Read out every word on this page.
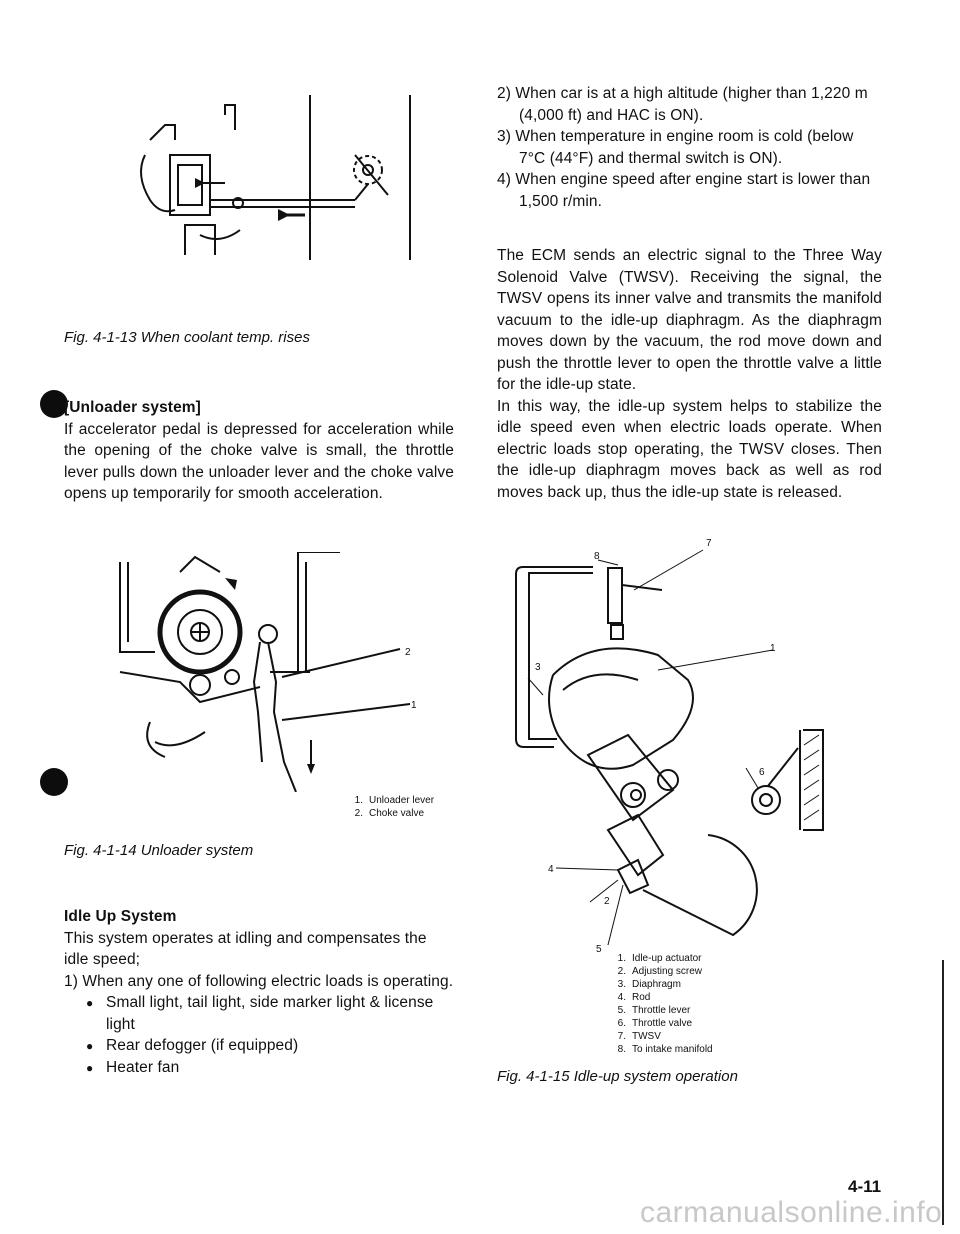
Fig. 4-1-13 When coolant temp. rises
[Unloader system]
If accelerator pedal is depressed for acceleration while the opening of the choke valve is small, the throttle lever pulls down the unloader lever and the choke valve opens up temporarily for smooth acceleration.
2
1
1. Unloader lever
2. Choke valve
Fig. 4-1-14 Unloader system
Idle Up System
This system operates at idling and compensates the idle speed;
1) When any one of following electric loads is operating.
● Small light, tail light, side marker light & license light
● Rear defogger (if equipped)
● Heater fan
2) When car is at a high altitude (higher than 1,220 m (4,000 ft) and HAC is ON).
3) When temperature in engine room is cold (below 7°C (44°F) and thermal switch is ON).
4) When engine speed after engine start is lower than 1,500 r/min.
The ECM sends an electric signal to the Three Way Solenoid Valve (TWSV). Receiving the signal, the TWSV opens its inner valve and transmits the manifold vacuum to the idle-up diaphragm. As the diaphragm moves down by the vacuum, the rod move down and push the throttle lever to open the throttle valve a little for the idle-up state.
In this way, the idle-up system helps to stabilize the idle speed even when electric loads operate. When electric loads stop operating, the TWSV closes. Then the idle-up diaphragm moves back as well as rod moves back up, thus the idle-up state is released.
8
7
1
3
6
4
2
5
1. Idle-up actuator
2. Adjusting screw
3. Diaphragm
4. Rod
5. Throttle lever
6. Throttle valve
7. TWSV
8. To intake manifold
Fig. 4-1-15 Idle-up system operation
4-11
carmanualsonline.info
